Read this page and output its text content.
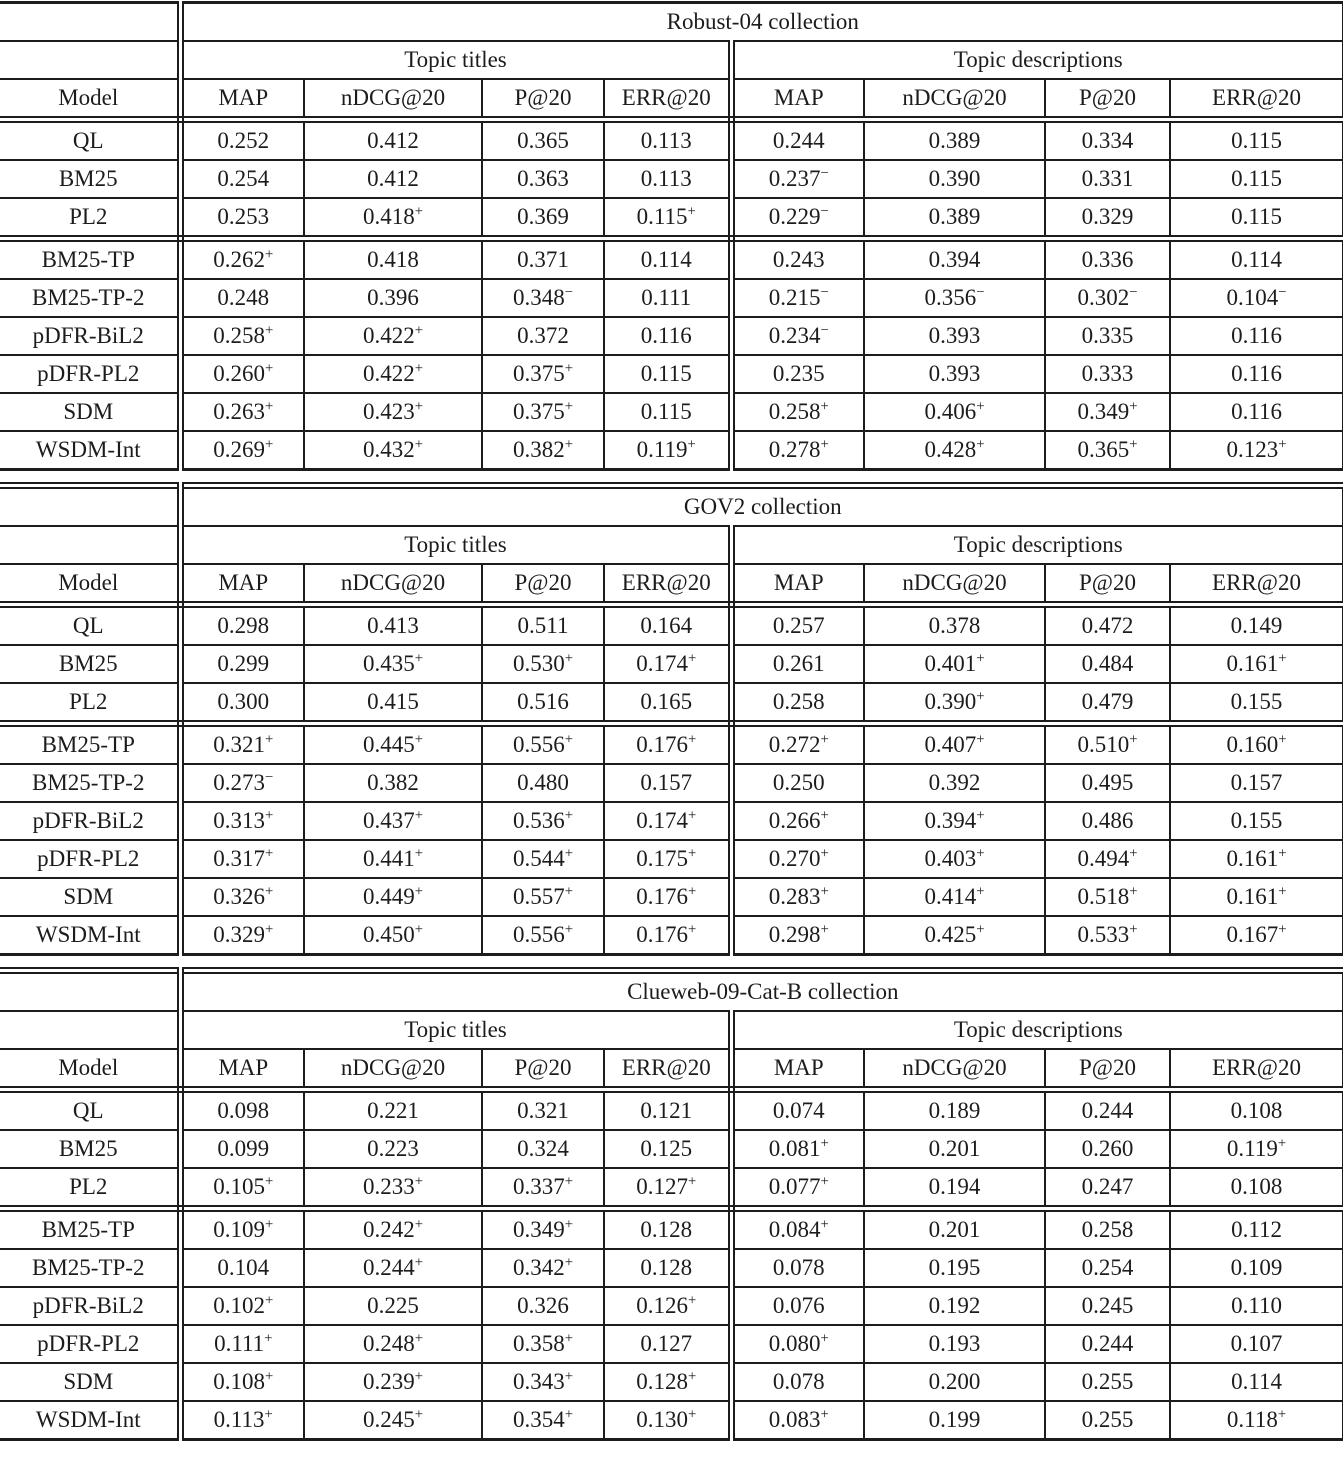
	Robust-04 collection							
	Topic titles				Topic descriptions			
Model	MAP	nDCG@20	P@20	ERR@20	MAP	nDCG@20	P@20	ERR@20
QL	0.252	0.412	0.365	0.113	0.244	0.389	0.334	0.115
BM25	0.254	0.412	0.363	0.113	0.237−	0.390	0.331	0.115
PL2	0.253	0.418+	0.369	0.115+	0.229−	0.389	0.329	0.115
BM25-TP	0.262+	0.418	0.371	0.114	0.243	0.394	0.336	0.114
BM25-TP-2	0.248	0.396	0.348−	0.111	0.215−	0.356−	0.302−	0.104−
pDFR-BiL2	0.258+	0.422+	0.372	0.116	0.234−	0.393	0.335	0.116
pDFR-PL2	0.260+	0.422+	0.375+	0.115	0.235	0.393	0.333	0.116
SDM	0.263+	0.423+	0.375+	0.115	0.258+	0.406+	0.349+	0.116
WSDM-Int	0.269+	0.432+	0.382+	0.119+	0.278+	0.428+	0.365+	0.123+
	GOV2 collection							
	Topic titles				Topic descriptions			
Model	MAP	nDCG@20	P@20	ERR@20	MAP	nDCG@20	P@20	ERR@20
QL	0.298	0.413	0.511	0.164	0.257	0.378	0.472	0.149
BM25	0.299	0.435+	0.530+	0.174+	0.261	0.401+	0.484	0.161+
PL2	0.300	0.415	0.516	0.165	0.258	0.390+	0.479	0.155
BM25-TP	0.321+	0.445+	0.556+	0.176+	0.272+	0.407+	0.510+	0.160+
BM25-TP-2	0.273−	0.382	0.480	0.157	0.250	0.392	0.495	0.157
pDFR-BiL2	0.313+	0.437+	0.536+	0.174+	0.266+	0.394+	0.486	0.155
pDFR-PL2	0.317+	0.441+	0.544+	0.175+	0.270+	0.403+	0.494+	0.161+
SDM	0.326+	0.449+	0.557+	0.176+	0.283+	0.414+	0.518+	0.161+
WSDM-Int	0.329+	0.450+	0.556+	0.176+	0.298+	0.425+	0.533+	0.167+
	Clueweb-09-Cat-B collection							
	Topic titles				Topic descriptions			
Model	MAP	nDCG@20	P@20	ERR@20	MAP	nDCG@20	P@20	ERR@20
QL	0.098	0.221	0.321	0.121	0.074	0.189	0.244	0.108
BM25	0.099	0.223	0.324	0.125	0.081+	0.201	0.260	0.119+
PL2	0.105+	0.233+	0.337+	0.127+	0.077+	0.194	0.247	0.108
BM25-TP	0.109+	0.242+	0.349+	0.128	0.084+	0.201	0.258	0.112
BM25-TP-2	0.104	0.244+	0.342+	0.128	0.078	0.195	0.254	0.109
pDFR-BiL2	0.102+	0.225	0.326	0.126+	0.076	0.192	0.245	0.110
pDFR-PL2	0.111+	0.248+	0.358+	0.127	0.080+	0.193	0.244	0.107
SDM	0.108+	0.239+	0.343+	0.128+	0.078	0.200	0.255	0.114
WSDM-Int	0.113+	0.245+	0.354+	0.130+	0.083+	0.199	0.255	0.118+
